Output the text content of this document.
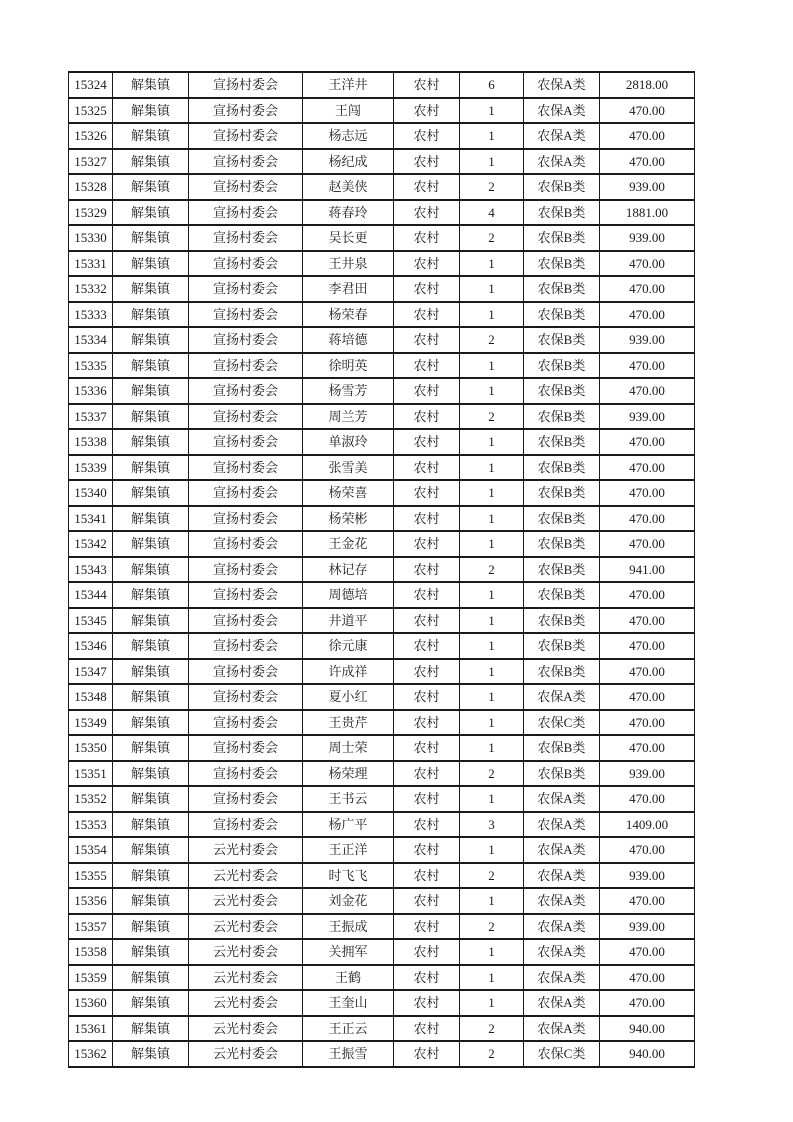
15324	解集镇	宣扬村委会	王洋井	农村	6	农保A类	2818.00
15325	解集镇	宣扬村委会	王闯	农村	1	农保A类	470.00
15326	解集镇	宣扬村委会	杨志远	农村	1	农保A类	470.00
15327	解集镇	宣扬村委会	杨纪成	农村	1	农保A类	470.00
15328	解集镇	宣扬村委会	赵美侠	农村	2	农保B类	939.00
15329	解集镇	宣扬村委会	蒋春玲	农村	4	农保B类	1881.00
15330	解集镇	宣扬村委会	吴长更	农村	2	农保B类	939.00
15331	解集镇	宣扬村委会	王井泉	农村	1	农保B类	470.00
15332	解集镇	宣扬村委会	李君田	农村	1	农保B类	470.00
15333	解集镇	宣扬村委会	杨荣春	农村	1	农保B类	470.00
15334	解集镇	宣扬村委会	蒋培德	农村	2	农保B类	939.00
15335	解集镇	宣扬村委会	徐明英	农村	1	农保B类	470.00
15336	解集镇	宣扬村委会	杨雪芳	农村	1	农保B类	470.00
15337	解集镇	宣扬村委会	周兰芳	农村	2	农保B类	939.00
15338	解集镇	宣扬村委会	单淑玲	农村	1	农保B类	470.00
15339	解集镇	宣扬村委会	张雪美	农村	1	农保B类	470.00
15340	解集镇	宣扬村委会	杨荣喜	农村	1	农保B类	470.00
15341	解集镇	宣扬村委会	杨荣彬	农村	1	农保B类	470.00
15342	解集镇	宣扬村委会	王金花	农村	1	农保B类	470.00
15343	解集镇	宣扬村委会	林记存	农村	2	农保B类	941.00
15344	解集镇	宣扬村委会	周德培	农村	1	农保B类	470.00
15345	解集镇	宣扬村委会	井道平	农村	1	农保B类	470.00
15346	解集镇	宣扬村委会	徐元康	农村	1	农保B类	470.00
15347	解集镇	宣扬村委会	许成祥	农村	1	农保B类	470.00
15348	解集镇	宣扬村委会	夏小红	农村	1	农保A类	470.00
15349	解集镇	宣扬村委会	王贵芹	农村	1	农保C类	470.00
15350	解集镇	宣扬村委会	周士荣	农村	1	农保B类	470.00
15351	解集镇	宣扬村委会	杨荣理	农村	2	农保B类	939.00
15352	解集镇	宣扬村委会	王书云	农村	1	农保A类	470.00
15353	解集镇	宣扬村委会	杨广平	农村	3	农保A类	1409.00
15354	解集镇	云光村委会	王正洋	农村	1	农保A类	470.00
15355	解集镇	云光村委会	时飞飞	农村	2	农保A类	939.00
15356	解集镇	云光村委会	刘金花	农村	1	农保A类	470.00
15357	解集镇	云光村委会	王振成	农村	2	农保A类	939.00
15358	解集镇	云光村委会	关拥军	农村	1	农保A类	470.00
15359	解集镇	云光村委会	王鹤	农村	1	农保A类	470.00
15360	解集镇	云光村委会	王奎山	农村	1	农保A类	470.00
15361	解集镇	云光村委会	王正云	农村	2	农保A类	940.00
15362	解集镇	云光村委会	王振雪	农村	2	农保C类	940.00
